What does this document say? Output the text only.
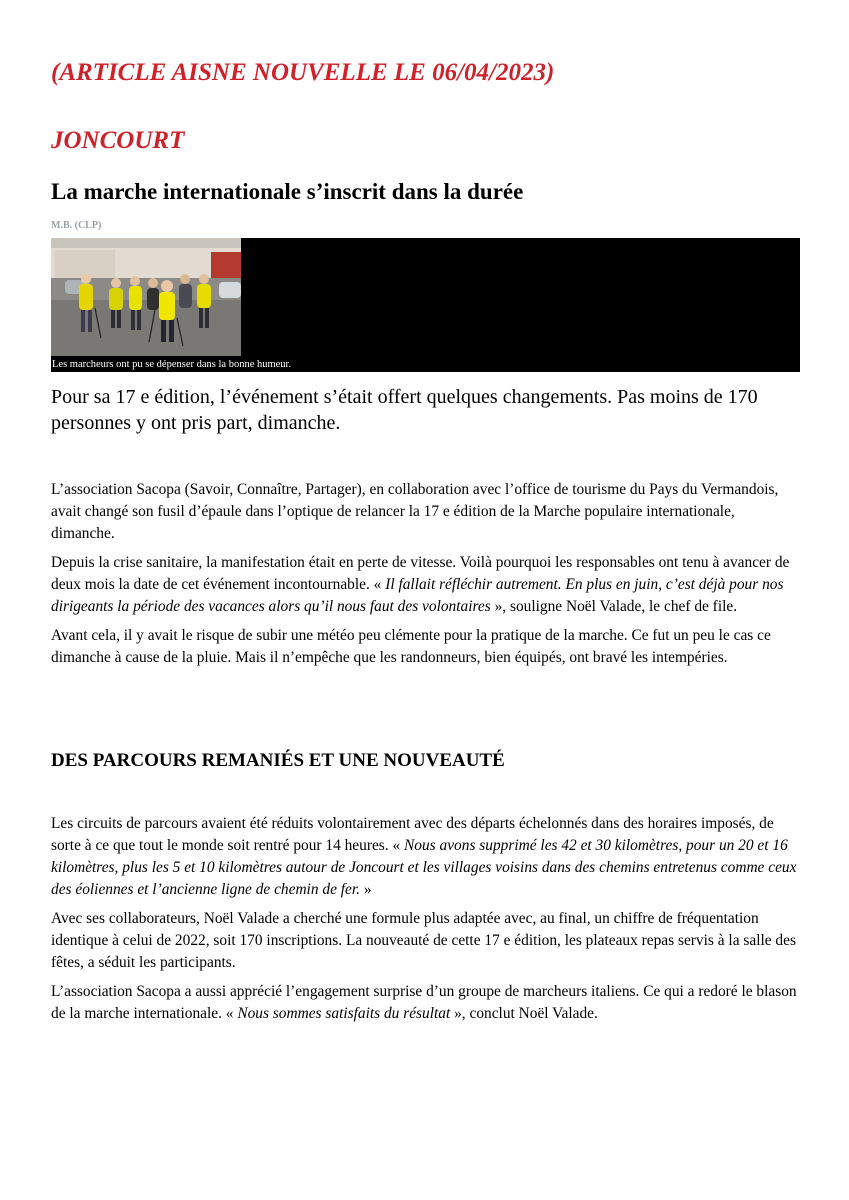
(ARTICLE AISNE NOUVELLE LE 06/04/2023)
JONCOURT
La marche internationale s’inscrit dans la durée

M.B. (CLP)

Les marcheurs ont pu se dépenser dans la bonne humeur.

Pour sa 17 e édition, l’événement s’était offert quelques changements. Pas moins de 170 personnes y ont pris part, dimanche.

L’association Sacopa (Savoir, Connaître, Partager), en collaboration avec l’office de tourisme du Pays du Vermandois, avait changé son fusil d’épaule dans l’optique de relancer la 17 e édition de la Marche populaire internationale, dimanche.

Depuis la crise sanitaire, la manifestation était en perte de vitesse. Voilà pourquoi les responsables ont tenu à avancer de deux mois la date de cet événement incontournable. « Il fallait réfléchir autrement. En plus en juin, c’est déjà pour nos dirigeants la période des vacances alors qu’il nous faut des volontaires », souligne Noël Valade, le chef de file.

Avant cela, il y avait le risque de subir une météo peu clémente pour la pratique de la marche. Ce fut un peu le cas ce dimanche à cause de la pluie. Mais il n’empêche que les randonneurs, bien équipés, ont bravé les intempéries.

DES PARCOURS REMANIÉS ET UNE NOUVEAUTÉ

Les circuits de parcours avaient été réduits volontairement avec des départs échelonnés dans des horaires imposés, de sorte à ce que tout le monde soit rentré pour 14 heures. « Nous avons supprimé les 42 et 30 kilomètres, pour un 20 et 16 kilomètres, plus les 5 et 10 kilomètres autour de Joncourt et les villages voisins dans des chemins entretenus comme ceux des éoliennes et l’ancienne ligne de chemin de fer. »

Avec ses collaborateurs, Noël Valade a cherché une formule plus adaptée avec, au final, un chiffre de fréquentation identique à celui de 2022, soit 170 inscriptions. La nouveauté de cette 17 e édition, les plateaux repas servis à la salle des fêtes, a séduit les participants.

L’association Sacopa a aussi apprécié l’engagement surprise d’un groupe de marcheurs italiens. Ce qui a redoré le blason de la marche internationale. « Nous sommes satisfaits du résultat », conclut Noël Valade.
